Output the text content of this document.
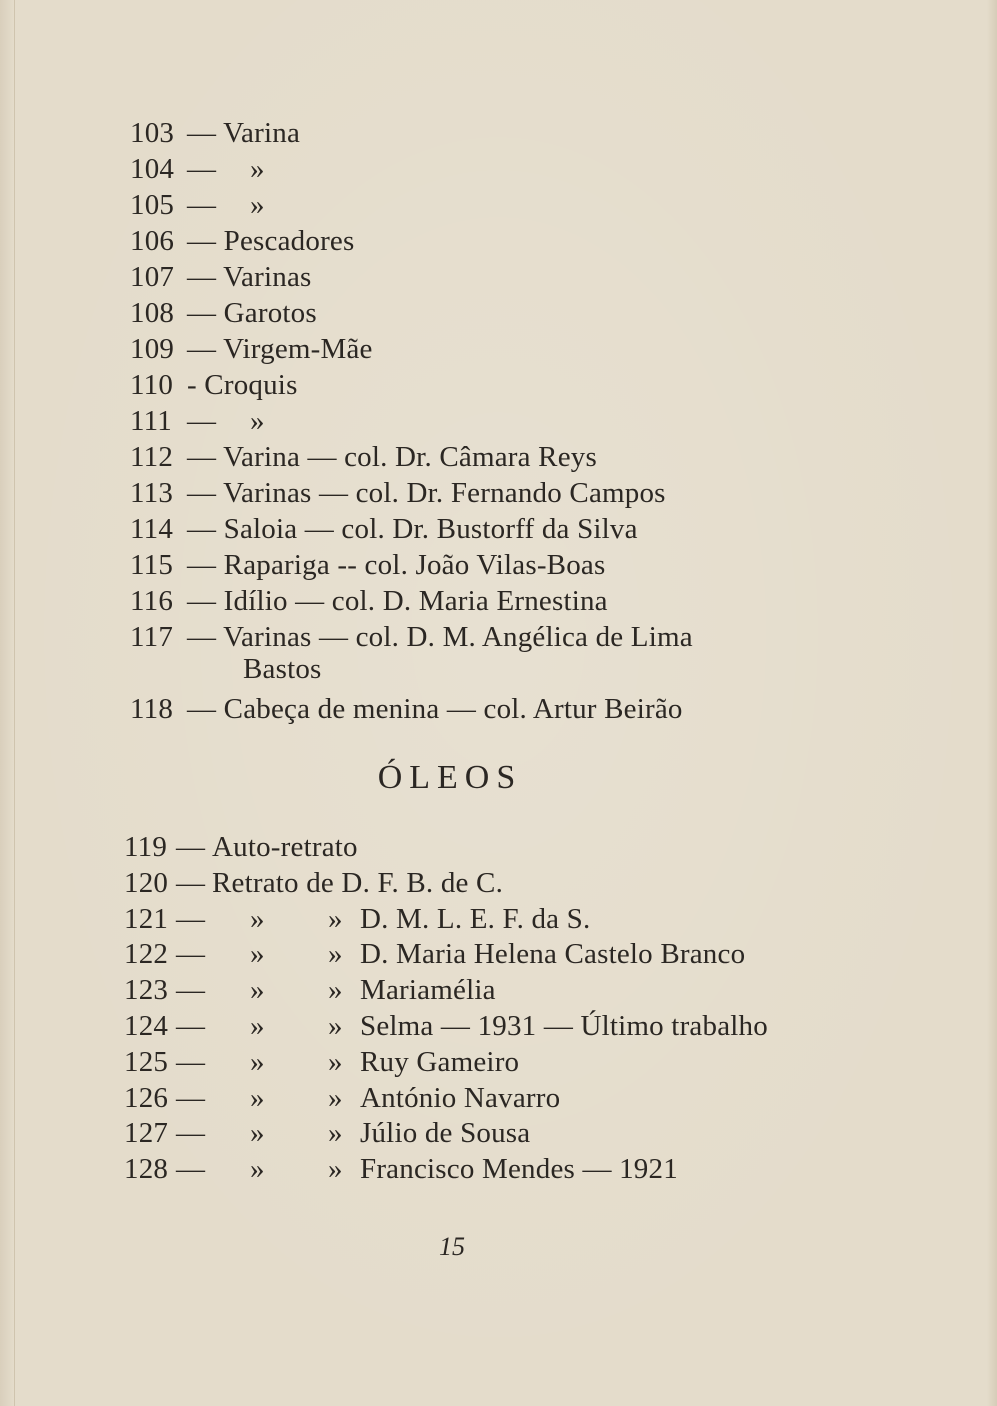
103 — Varina
104 — »
105 — »
106 — Pescadores
107 — Varinas
108 — Garotos
109 — Virgem-Mãe
110 - Croquis
111 — »
112 — Varina — col. Dr. Câmara Reys
113 — Varinas — col. Dr. Fernando Campos
114 — Saloia — col. Dr. Bustorff da Silva
115 — Rapariga -- col. João Vilas-Boas
116 — Idílio — col. D. Maria Ernestina
117 — Varinas — col. D. M. Angélica de Lima
Bastos
118 — Cabeça de menina — col. Artur Beirão
ÓLEOS
119 — Auto-retrato
120 — Retrato de D. F. B. de C.
121 — » » D. M. L. E. F. da S.
122 — » » D. Maria Helena Castelo Branco
123 — » » Mariamélia
124 — » » Selma — 1931 — Último trabalho
125 — » » Ruy Gameiro
126 — » » António Navarro
127 — » » Júlio de Sousa
128 — » » Francisco Mendes — 1921
15
